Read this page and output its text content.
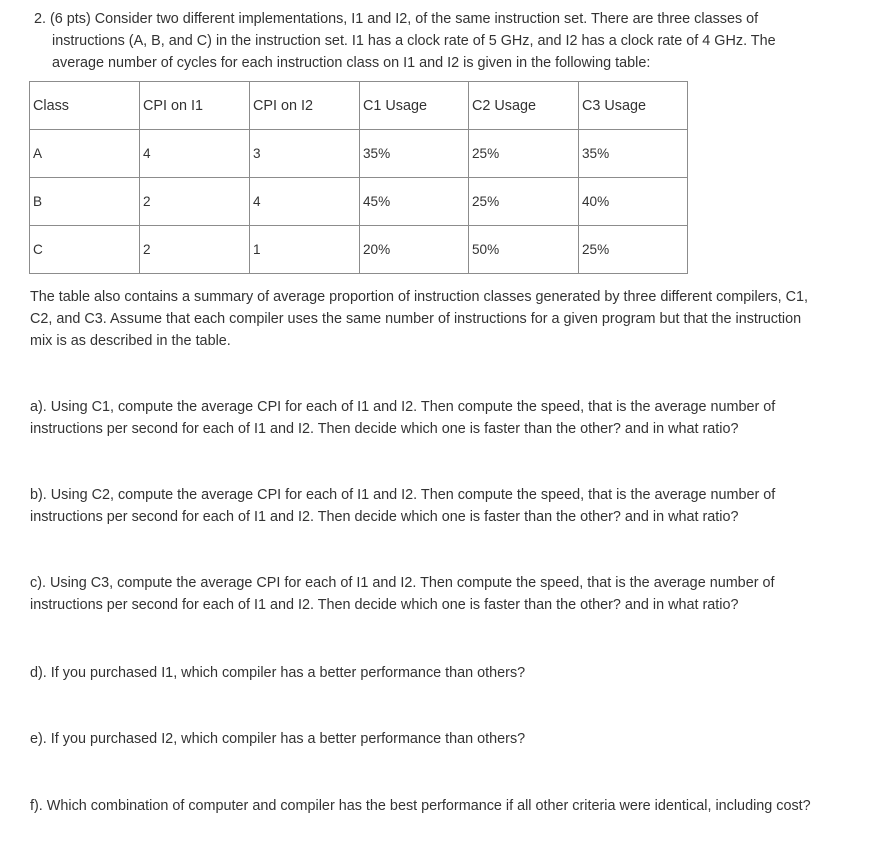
2. (6 pts) Consider two different implementations, I1 and I2, of the same instruction set. There are three classes of

instructions (A, B, and C) in the instruction set. I1 has a clock rate of 5 GHz, and I2 has a clock rate of 4 GHz. The
average number of cycles for each instruction class on I1 and I2 is given in the following table:
Class	CPI on I1	CPI on I2	C1 Usage	C2 Usage	C3 Usage
A	4	3	35%	25%	35%
B	2	4	45%	25%	40%
C	2	1	20%	50%	25%

The table also contains a summary of average proportion of instruction classes generated by three different compilers, C1,
C2, and C3. Assume that each compiler uses the same number of instructions for a given program but that the instruction
mix is as described in the table.

a). Using C1, compute the average CPI for each of I1 and I2. Then compute the speed, that is the average number of
instructions per second for each of I1 and I2. Then decide which one is faster than the other? and in what ratio?

b). Using C2, compute the average CPI for each of I1 and I2. Then compute the speed, that is the average number of
instructions per second for each of I1 and I2. Then decide which one is faster than the other? and in what ratio?

c). Using C3, compute the average CPI for each of I1 and I2. Then compute the speed, that is the average number of
instructions per second for each of I1 and I2. Then decide which one is faster than the other? and in what ratio?

d). If you purchased I1, which compiler has a better performance than others?

e). If you purchased I2, which compiler has a better performance than others?

f). Which combination of computer and compiler has the best performance if all other criteria were identical, including cost?
